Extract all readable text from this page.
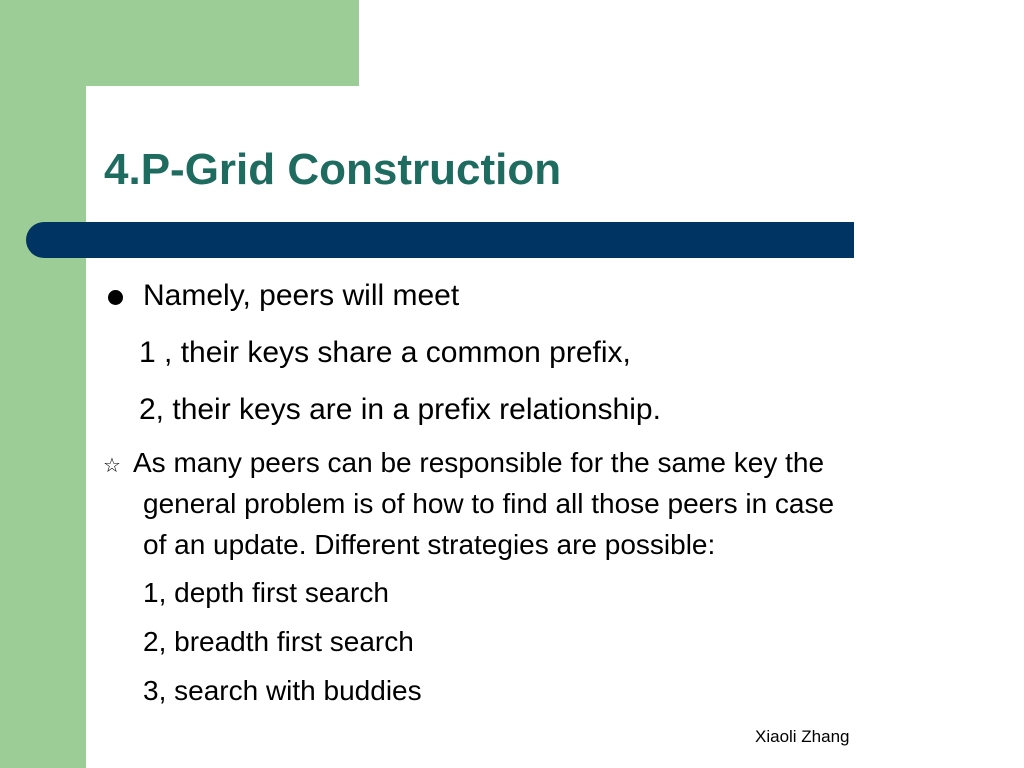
4.P-Grid Construction
Namely, peers will meet
1 , their keys share a common prefix,
2, their keys are in a prefix relationship.
☆ As many peers can be responsible for the same key the
general problem is of how to find all those peers in case
of an update. Different strategies are possible:
1, depth first search
2, breadth first search
3, search with buddies
Xiaoli Zhang
